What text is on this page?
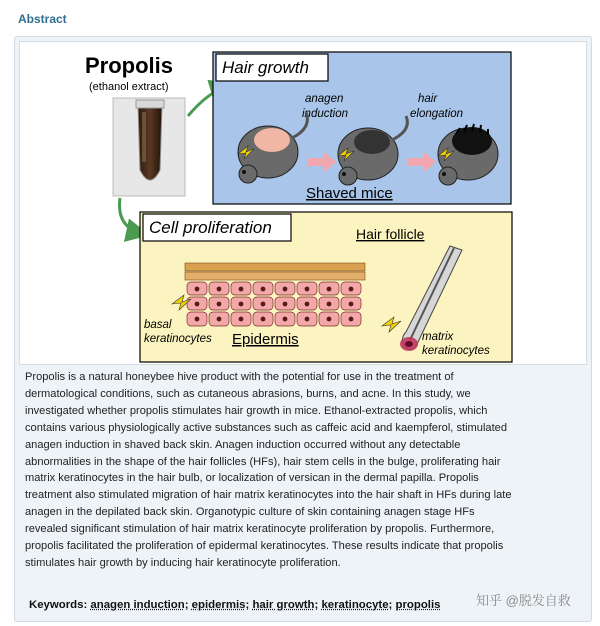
Abstract
Propolis
(ethanol extract)
Hair growth
anagen
induction
hair
elongation
Shaved mice
Cell proliferation	Hair follicle
basal
keratinocytes Epidermis	matrix
keratinocytes
Propolis is a natural honeybee hive product with the potential for use in the treatment of dermatological conditions, such as cutaneous abrasions, burns, and acne. In this study, we investigated whether propolis stimulates hair growth in mice. Ethanol-extracted propolis, which contains various physiologically active substances such as caffeic acid and kaempferol, stimulated anagen induction in shaved back skin. Anagen induction occurred without any detectable abnormalities in the shape of the hair follicles (HFs), hair stem cells in the bulge, proliferating hair matrix keratinocytes in the hair bulb, or localization of versican in the dermal papilla. Propolis treatment also stimulated migration of hair matrix keratinocytes into the hair shaft in HFs during late anagen in the depilated back skin. Organotypic culture of skin containing anagen stage HFs revealed significant stimulation of hair matrix keratinocyte proliferation by propolis. Furthermore, propolis facilitated the proliferation of epidermal keratinocytes. These results indicate that propolis stimulates hair growth by inducing hair keratinocyte proliferation.
Keywords: anagen induction; epidermis; hair growth; keratinocyte; propolis	知乎 @脱发自救
